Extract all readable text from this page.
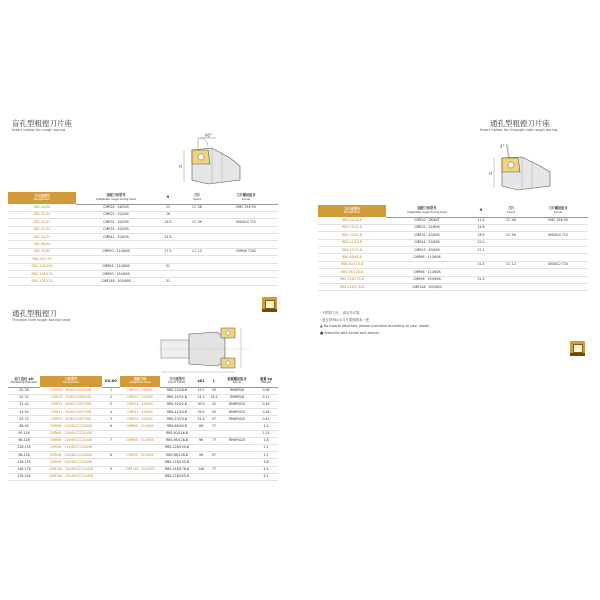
盲孔型粗镗刀片座
Insert holder for rough boring
90°
H
刀片座型号
Designation	适配刀体型号
Adaptable rough boring head	H	刀片
Insert	刀片螺丝组合
Screw

RBC-20/28	CMR20 · 28/32S	13	CC 06	RMC 356 FB
RBC-25/32	CMR25 · 32/40S	16		
RBC-32/41	CMR32 · 40/50S	16.5	CC 09	SM4010 T15
RBC-41/54	CMR32 · 40/50S			
RBC-54/70	CMR41 · 50/63S	21.5		
RBC-68/90				
RBC-70/95	CMR50 · 110/60S	27.5	CC 12	CMR40 T20C
RBC-90/116				
RBC-115/150	CMR63 · 110/60S	31		
RBC-144/176	CMR90 · 150/60S			
RBC-176/220	CMR148 · 200/60S	31		
通孔型粗镗刀
Through-hole rough boring head
加工直径 φD
Machining diameter	刀具型号
Designation	KD.NO	适配刀体
Adaptable head	刀片座型号
Insert holder	φD1	L	装紧螺丝组合
Screw	重量 kg
Weight

20-28	CMR20 · 28/60CC060208	1	CMR20 · 28/60T	RBS-20/28-B	19.7	30	RM6P0/8	0.06
25-32	CMR25 · 32/60CC060208	2	CMR25 · 32/60S	RBS-25/32-B	24.3	35.5	RM6P0/8	0.11
32-42	CMR32 · 40/60CC09T308	3	CMR32 · 40/60S	RBS-32/42-B	30.9	42	RM6P/020	0.16
41-54	CMR41 · 50/60CC09T308	4	CMR41 · 50/60S	RBS-41/54-B	39.9	50	RM6P/020	0.28
53-70	CMR53 · 63/60CC09T308	5	CMR53 · 63/60S	RBS-53/70-B	51.4	57	RM6P/020	0.43
68-90	CMR68 · 110/60CC120408	6	CMR68 · 110/60S	RBS-68/90-B	66	77		1.0
90-116	CMR68 · 110/60CC120408			RBS-90/116-B				1.15
98-128	CMR98 · 110/60CC120408	7	CMR98 · 110/60S	RBS-98/128-B	96	77	RM6P/020	1.8
128-155	CMR98 · 110/60CC120408			RBS-128/155-B				2.1
98-128	CMR98 · 150/60CC120408	8	CMR98 · 150/60S	RBS-98/128-B	96	97		3.1
128-155	CMR98 · 150/60CC120408			RBS-128/155-B				3.6
148-178	CMR148 · 200/60CC120408	9	CMR148 · 200/60S	RBS-148/178-B	146	77		4.5
178-205	CMR148 · 200/60CC120408			RBS-178/205-B				5.1
通孔型粗镗刀片座
Insert holder for through-hole rough boring
4°
H
刀片座型号
Designation	适配刀体型号
Adaptable rough boring head	H	刀片
Insert	刀片螺丝组合
Screw

RBS-20/28-B	CMR20 · 28/60T	11.4	CC 06	RMC 356 FB
RBS-25/32-B	CMR25 · 32/60S	14.8		
RBS-32/42-B	CMR32 · 40/60S	18.9	CC 09	SM4010 T15
RBS-41/54-B	CMR41 · 50/60S	22.0		
RBS-53/70-B	CMR53 · 63/60S	27.1		
RBS-68/90-B	CMR68 · 110/60S			
RBS-90/116-B		31.5	CC 12	SM4012 T20
RBS-98/128-B	CMR98 · 110/60S			
RBS-128/155-B	CMR98 · 150/60S	31.5		
RBS-148/178-B	CMR148 · 200/60S			
· 不附带刀片、请另外订购
· 备注带※标示刀片需按版本一把
▲ No inserts attached, please purchase according to your needs
■ Attached with screw and wrench
